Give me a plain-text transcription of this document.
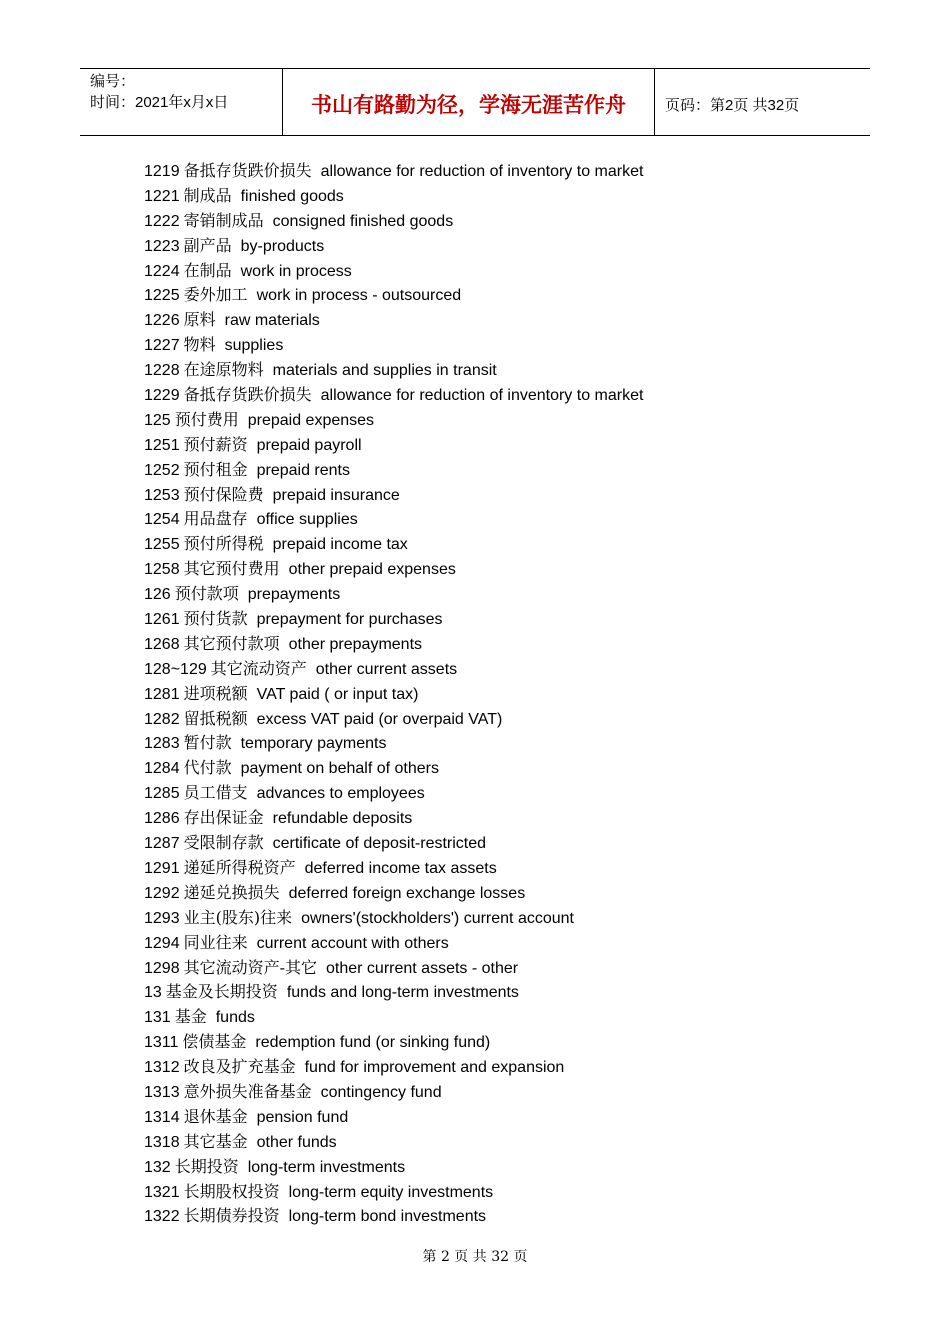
编号：
时间：2021年x月x日	书山有路勤为径，学海无涯苦作舟	页码：第2页 共32页
1219 备抵存货跌价损失 allowance for reduction of inventory to market
1221 制成品 finished goods
1222 寄销制成品 consigned finished goods
1223 副产品 by-products
1224 在制品 work in process
1225 委外加工 work in process - outsourced
1226 原料 raw materials
1227 物料 supplies
1228 在途原物料 materials and supplies in transit
1229 备抵存货跌价损失 allowance for reduction of inventory to market
125 预付费用 prepaid expenses
1251 预付薪资 prepaid payroll
1252 预付租金 prepaid rents
1253 预付保险费 prepaid insurance
1254 用品盘存 office supplies
1255 预付所得税 prepaid income tax
1258 其它预付费用 other prepaid expenses
126 预付款项 prepayments
1261 预付货款 prepayment for purchases
1268 其它预付款项 other prepayments
128~129 其它流动资产 other current assets
1281 进项税额 VAT paid ( or input tax)
1282 留抵税额 excess VAT paid (or overpaid VAT)
1283 暂付款 temporary payments
1284 代付款 payment on behalf of others
1285 员工借支 advances to employees
1286 存出保证金 refundable deposits
1287 受限制存款 certificate of deposit-restricted
1291 递延所得税资产 deferred income tax assets
1292 递延兑换损失 deferred foreign exchange losses
1293 业主(股东)往来 owners'(stockholders') current account
1294 同业往来 current account with others
1298 其它流动资产-其它 other current assets - other
13 基金及长期投资 funds and long-term investments
131 基金 funds
1311 偿债基金 redemption fund (or sinking fund)
1312 改良及扩充基金 fund for improvement and expansion
1313 意外损失准备基金 contingency fund
1314 退休基金 pension fund
1318 其它基金 other funds
132 长期投资 long-term investments
1321 长期股权投资 long-term equity investments
1322 长期债券投资 long-term bond investments
第 2 页 共 32 页
